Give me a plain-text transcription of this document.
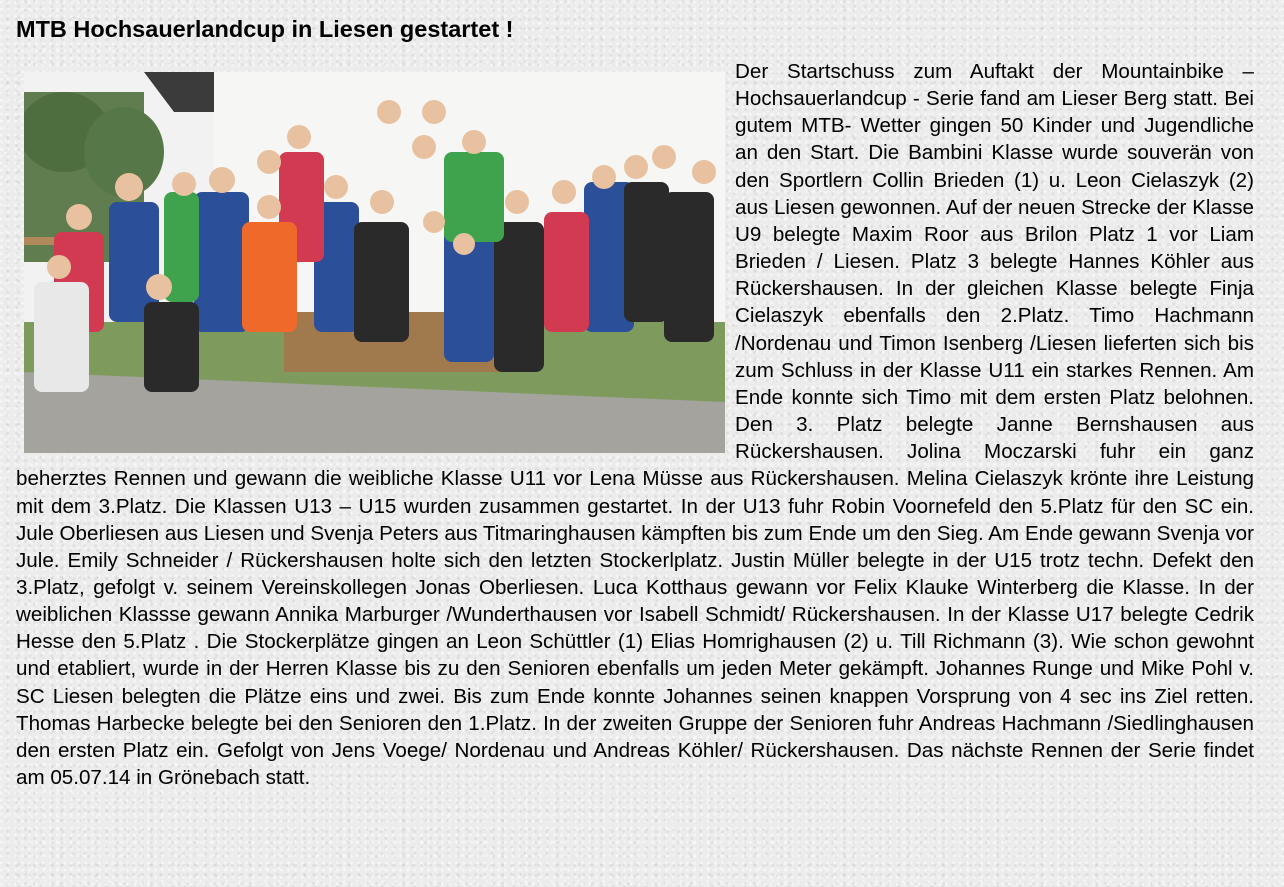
MTB Hochsauerlandcup in Liesen gestartet !

Der Startschuss zum Auftakt der Mountainbike – Hochsauerlandcup - Serie fand am Lieser Berg statt. Bei gutem MTB- Wetter gingen 50 Kinder und Jugendliche an den Start. Die Bambini Klasse wurde souverän von den Sportlern Collin Brieden (1) u. Leon Cielaszyk (2) aus Liesen gewonnen. Auf der neuen Strecke der Klasse U9 belegte Maxim Roor aus Brilon Platz 1 vor Liam Brieden / Liesen. Platz 3 belegte Hannes Köhler aus Rückershausen. In der gleichen Klasse belegte Finja Cielaszyk ebenfalls den 2.Platz. Timo Hachmann /Nordenau und Timon Isenberg /Liesen lieferten sich bis zum Schluss in der Klasse U11 ein starkes Rennen. Am Ende konnte sich Timo mit dem ersten Platz belohnen. Den 3. Platz belegte Janne Bernshausen aus Rückershausen. Jolina Moczarski fuhr ein ganz beherztes Rennen und gewann die weibliche Klasse U11 vor Lena Müsse aus Rückershausen. Melina Cielaszyk krönte ihre Leistung mit dem 3.Platz. Die Klassen U13 – U15 wurden zusammen gestartet. In der U13 fuhr Robin Voornefeld den 5.Platz für den SC ein. Jule Oberliesen aus Liesen und Svenja Peters aus Titmaringhausen kämpften bis zum Ende um den Sieg. Am Ende gewann Svenja vor Jule. Emily Schneider / Rückershausen holte sich den letzten Stockerlplatz. Justin Müller belegte in der U15 trotz techn. Defekt den 3.Platz, gefolgt v. seinem Vereinskollegen Jonas Oberliesen. Luca Kotthaus gewann vor Felix Klauke Winterberg die Klasse. In der weiblichen Klassse gewann Annika Marburger /Wunderthausen vor Isabell Schmidt/ Rückershausen. In der Klasse U17 belegte Cedrik Hesse den 5.Platz . Die Stockerplätze gingen an Leon Schüttler (1) Elias Homrighausen (2) u. Till Richmann (3). Wie schon gewohnt und etabliert, wurde in der Herren Klasse bis zu den Senioren ebenfalls um jeden Meter gekämpft. Johannes Runge und Mike Pohl v. SC Liesen belegten die Plätze eins und zwei. Bis zum Ende konnte Johannes seinen knappen Vorsprung von 4 sec ins Ziel retten. Thomas Harbecke belegte bei den Senioren den 1.Platz. In der zweiten Gruppe der Senioren fuhr Andreas Hachmann /Siedlinghausen den ersten Platz ein. Gefolgt von Jens Voege/ Nordenau und Andreas Köhler/ Rückershausen. Das nächste Rennen der Serie findet am 05.07.14 in Grönebach statt.
